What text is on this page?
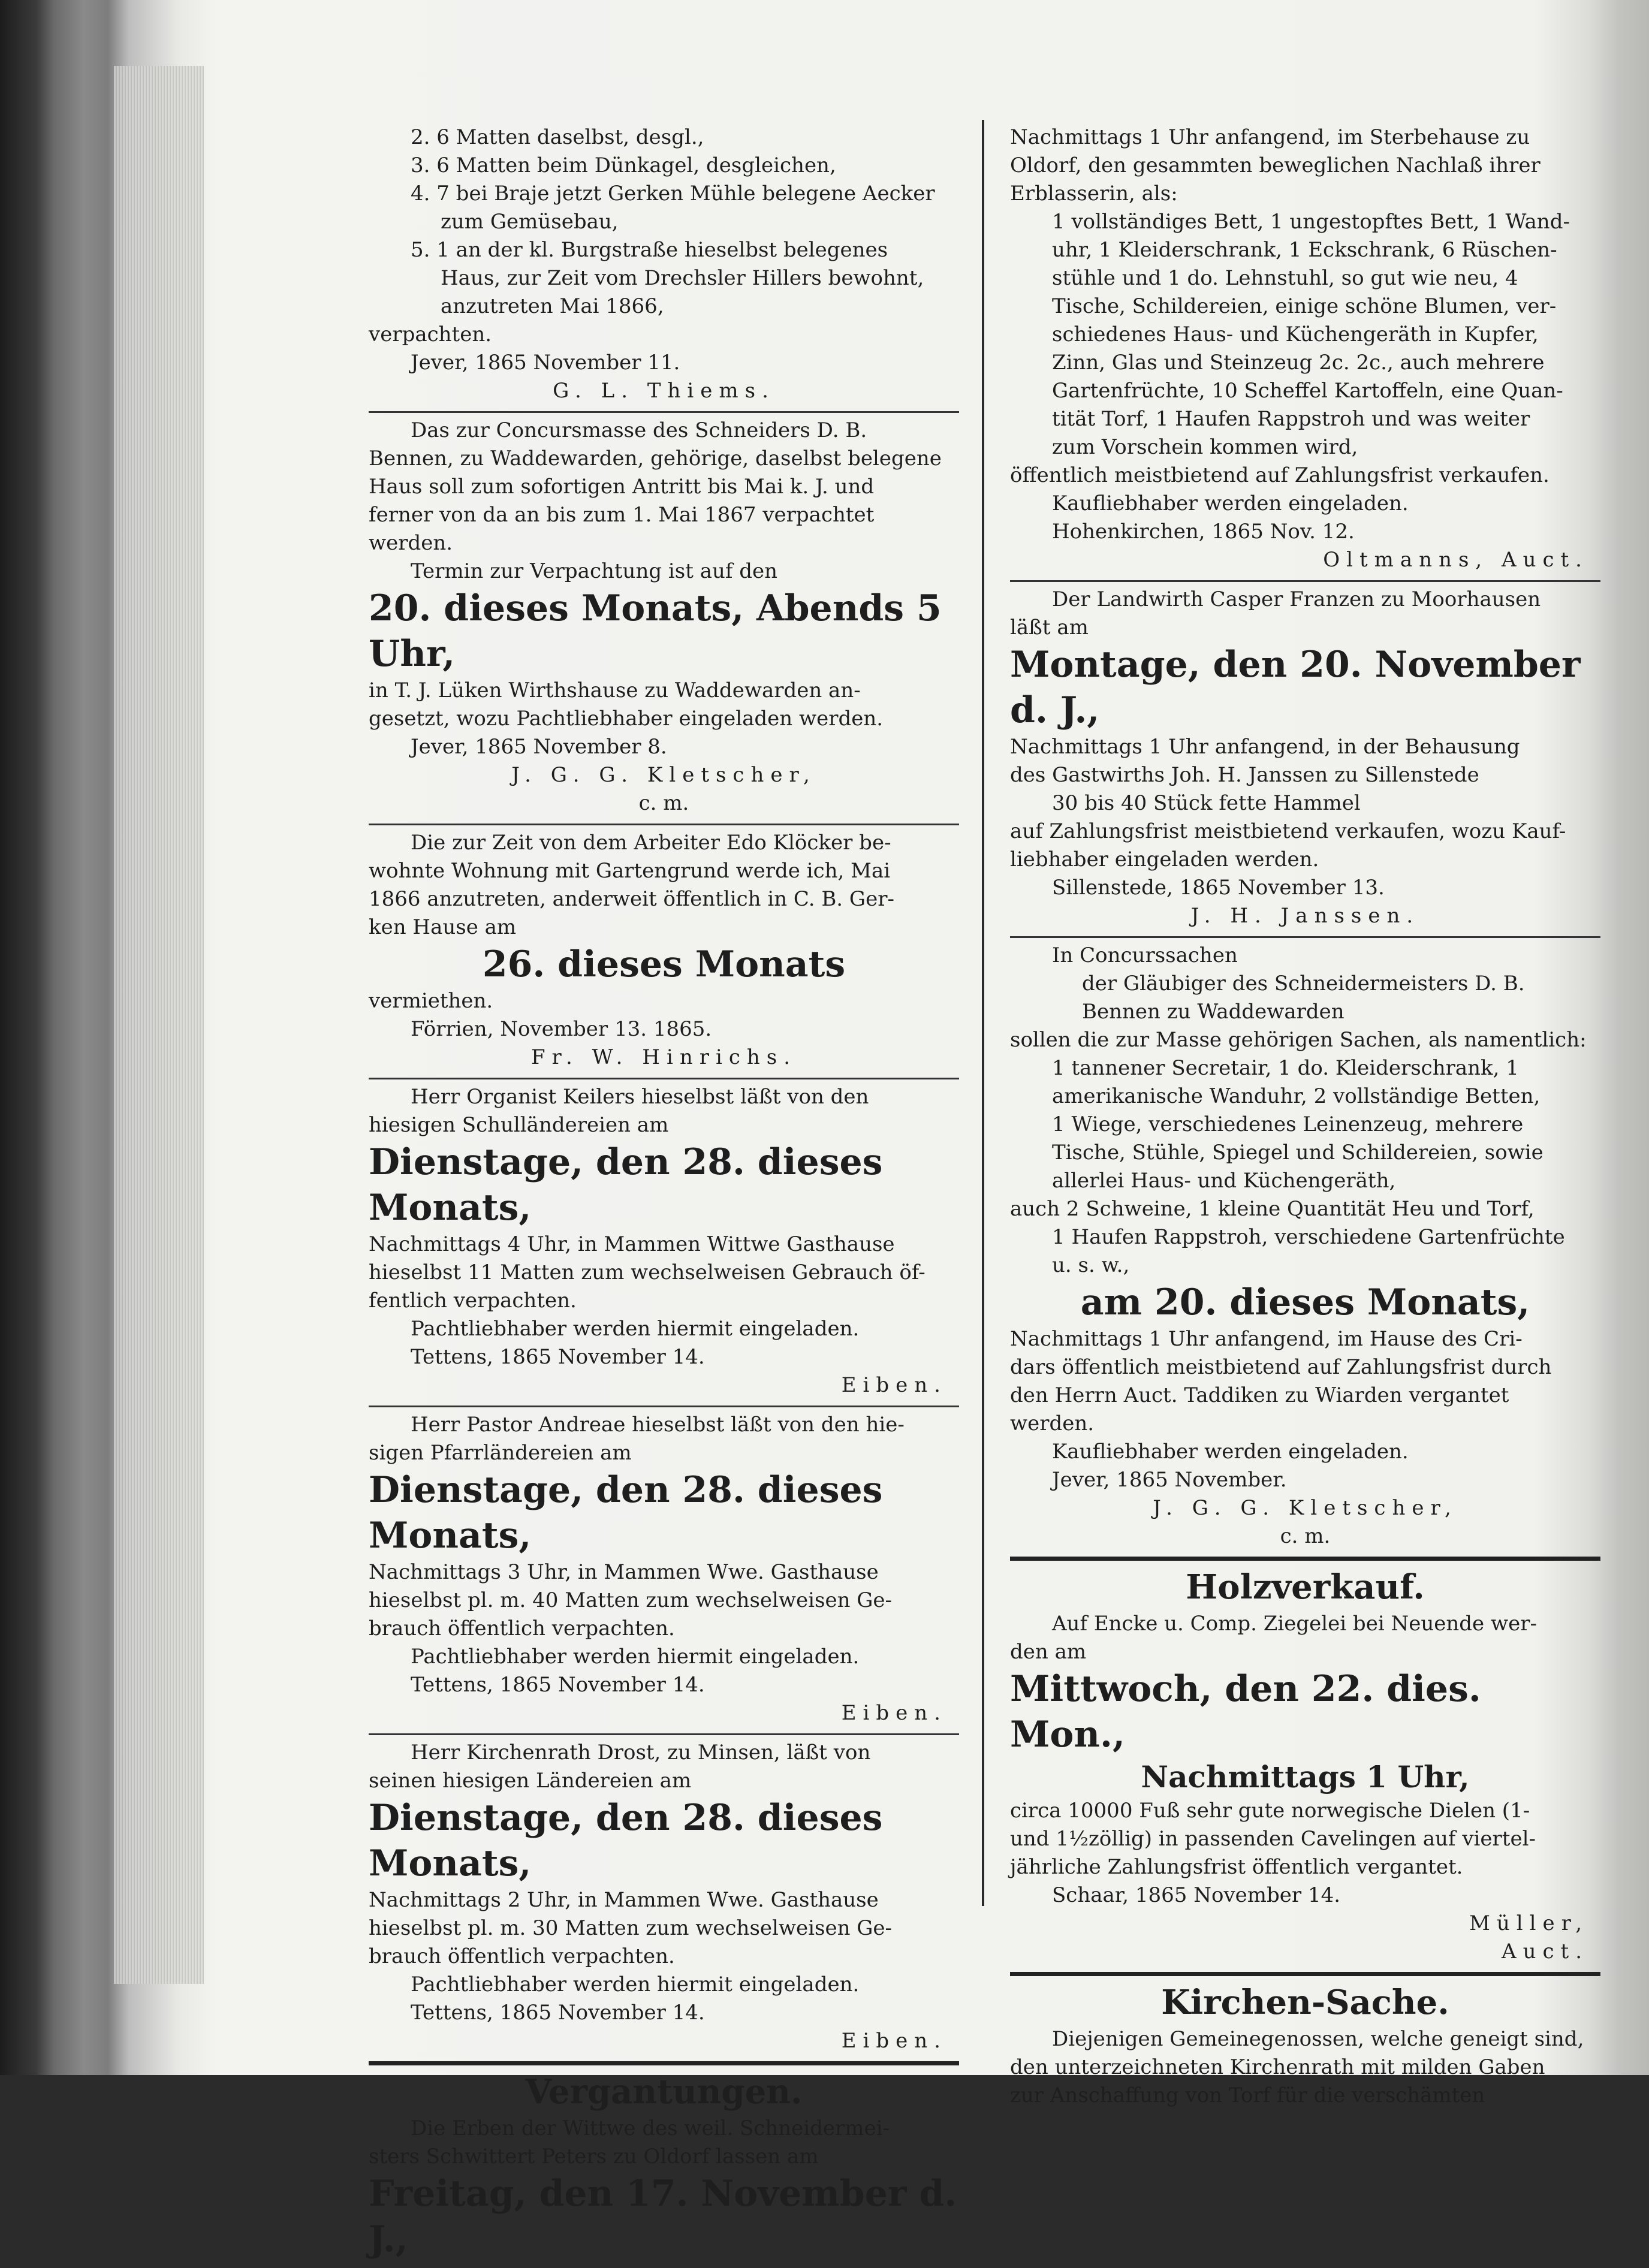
2. 6 Matten daselbst, desgl.,

3. 6 Matten beim Dünkagel, desgleichen,

4. 7 bei Braje jetzt Gerken Mühle belegene Aecker

zum Gemüsebau,

5. 1 an der kl. Burgstraße hieselbst belegenes

Haus, zur Zeit vom Drechsler Hillers bewohnt,

anzutreten Mai 1866,

verpachten.

Jever, 1865 November 11.

G. L. Thiems.

Das zur Concursmasse des Schneiders D. B.

Bennen, zu Waddewarden, gehörige, daselbst belegene

Haus soll zum sofortigen Antritt bis Mai k. J. und

ferner von da an bis zum 1. Mai 1867 verpachtet

werden.

Termin zur Verpachtung ist auf den

20. dieses Monats, Abends 5 Uhr,

in T. J. Lüken Wirthshause zu Waddewarden an-

gesetzt, wozu Pachtliebhaber eingeladen werden.

Jever, 1865 November 8.

J. G. G. Kletscher,

c. m.

Die zur Zeit von dem Arbeiter Edo Klöcker be-

wohnte Wohnung mit Gartengrund werde ich, Mai

1866 anzutreten, anderweit öffentlich in C. B. Ger-

ken Hause am

26. dieses Monats

vermiethen.

Förrien, November 13. 1865.

Fr. W. Hinrichs.

Herr Organist Keilers hieselbst läßt von den

hiesigen Schulländereien am

Dienstage, den 28. dieses Monats,

Nachmittags 4 Uhr, in Mammen Wittwe Gasthause

hieselbst 11 Matten zum wechselweisen Gebrauch öf-

fentlich verpachten.

Pachtliebhaber werden hiermit eingeladen.

Tettens, 1865 November 14.

Eiben.

Herr Pastor Andreae hieselbst läßt von den hie-

sigen Pfarrländereien am

Dienstage, den 28. dieses Monats,

Nachmittags 3 Uhr, in Mammen Wwe. Gasthause

hieselbst pl. m. 40 Matten zum wechselweisen Ge-

brauch öffentlich verpachten.

Pachtliebhaber werden hiermit eingeladen.

Tettens, 1865 November 14.

Eiben.

Herr Kirchenrath Drost, zu Minsen, läßt von

seinen hiesigen Ländereien am

Dienstage, den 28. dieses Monats,

Nachmittags 2 Uhr, in Mammen Wwe. Gasthause

hieselbst pl. m. 30 Matten zum wechselweisen Ge-

brauch öffentlich verpachten.

Pachtliebhaber werden hiermit eingeladen.

Tettens, 1865 November 14.

Eiben.

Vergantungen.

Die Erben der Wittwe des weil. Schneidermei-

sters Schwittert Peters zu Oldorf lassen am

Freitag, den 17. November d. J.,

Nachmittags 1 Uhr anfangend, im Sterbehause zu

Oldorf, den gesammten beweglichen Nachlaß ihrer

Erblasserin, als:

1 vollständiges Bett, 1 ungestopftes Bett, 1 Wand-

uhr, 1 Kleiderschrank, 1 Eckschrank, 6 Rüschen-

stühle und 1 do. Lehnstuhl, so gut wie neu, 4

Tische, Schildereien, einige schöne Blumen, ver-

schiedenes Haus- und Küchengeräth in Kupfer,

Zinn, Glas und Steinzeug 2c. 2c., auch mehrere

Gartenfrüchte, 10 Scheffel Kartoffeln, eine Quan-

tität Torf, 1 Haufen Rappstroh und was weiter

zum Vorschein kommen wird,

öffentlich meistbietend auf Zahlungsfrist verkaufen.

Kaufliebhaber werden eingeladen.

Hohenkirchen, 1865 Nov. 12.

Oltmanns, Auct.

Der Landwirth Casper Franzen zu Moorhausen

läßt am

Montage, den 20. November d. J.,

Nachmittags 1 Uhr anfangend, in der Behausung

des Gastwirths Joh. H. Janssen zu Sillenstede

30 bis 40 Stück fette Hammel

auf Zahlungsfrist meistbietend verkaufen, wozu Kauf-

liebhaber eingeladen werden.

Sillenstede, 1865 November 13.

J. H. Janssen.

In Concurssachen

der Gläubiger des Schneidermeisters D. B.

Bennen zu Waddewarden

sollen die zur Masse gehörigen Sachen, als namentlich:

1 tannener Secretair, 1 do. Kleiderschrank, 1

amerikanische Wanduhr, 2 vollständige Betten,

1 Wiege, verschiedenes Leinenzeug, mehrere

Tische, Stühle, Spiegel und Schildereien, sowie

allerlei Haus- und Küchengeräth,

auch 2 Schweine, 1 kleine Quantität Heu und Torf,

1 Haufen Rappstroh, verschiedene Gartenfrüchte

u. s. w.,

am 20. dieses Monats,

Nachmittags 1 Uhr anfangend, im Hause des Cri-

dars öffentlich meistbietend auf Zahlungsfrist durch

den Herrn Auct. Taddiken zu Wiarden vergantet

werden.

Kaufliebhaber werden eingeladen.

Jever, 1865 November.

J. G. G. Kletscher,

c. m.

Holzverkauf.

Auf Encke u. Comp. Ziegelei bei Neuende wer-

den am

Mittwoch, den 22. dies. Mon.,

Nachmittags 1 Uhr,

circa 10000 Fuß sehr gute norwegische Dielen (1-

und 1½zöllig) in passenden Cavelingen auf viertel-

jährliche Zahlungsfrist öffentlich vergantet.

Schaar, 1865 November 14.

Müller,

Auct.

Kirchen-Sache.

Diejenigen Gemeinegenossen, welche geneigt sind,

den unterzeichneten Kirchenrath mit milden Gaben

zur Anschaffung von Torf für die verschämten
